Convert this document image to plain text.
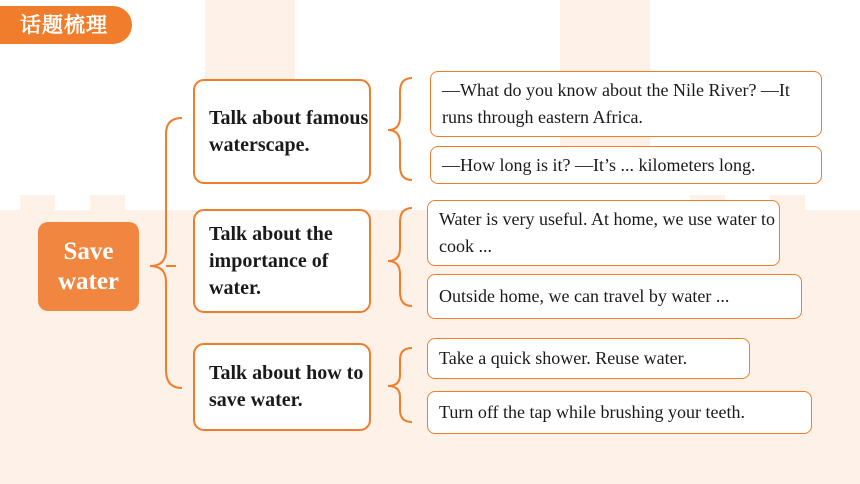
话题梳理
Save water
Talk about famous waterscape.
Talk about the importance of water.
Talk about how to save water.
—What do you know about the Nile River? —It runs through eastern Africa.
—How long is it? —It’s ... kilometers long.
Water is very useful. At home, we use water to cook ...
Outside home, we can travel by water ...
Take a quick shower. Reuse water.
Turn off the tap while brushing your teeth.
